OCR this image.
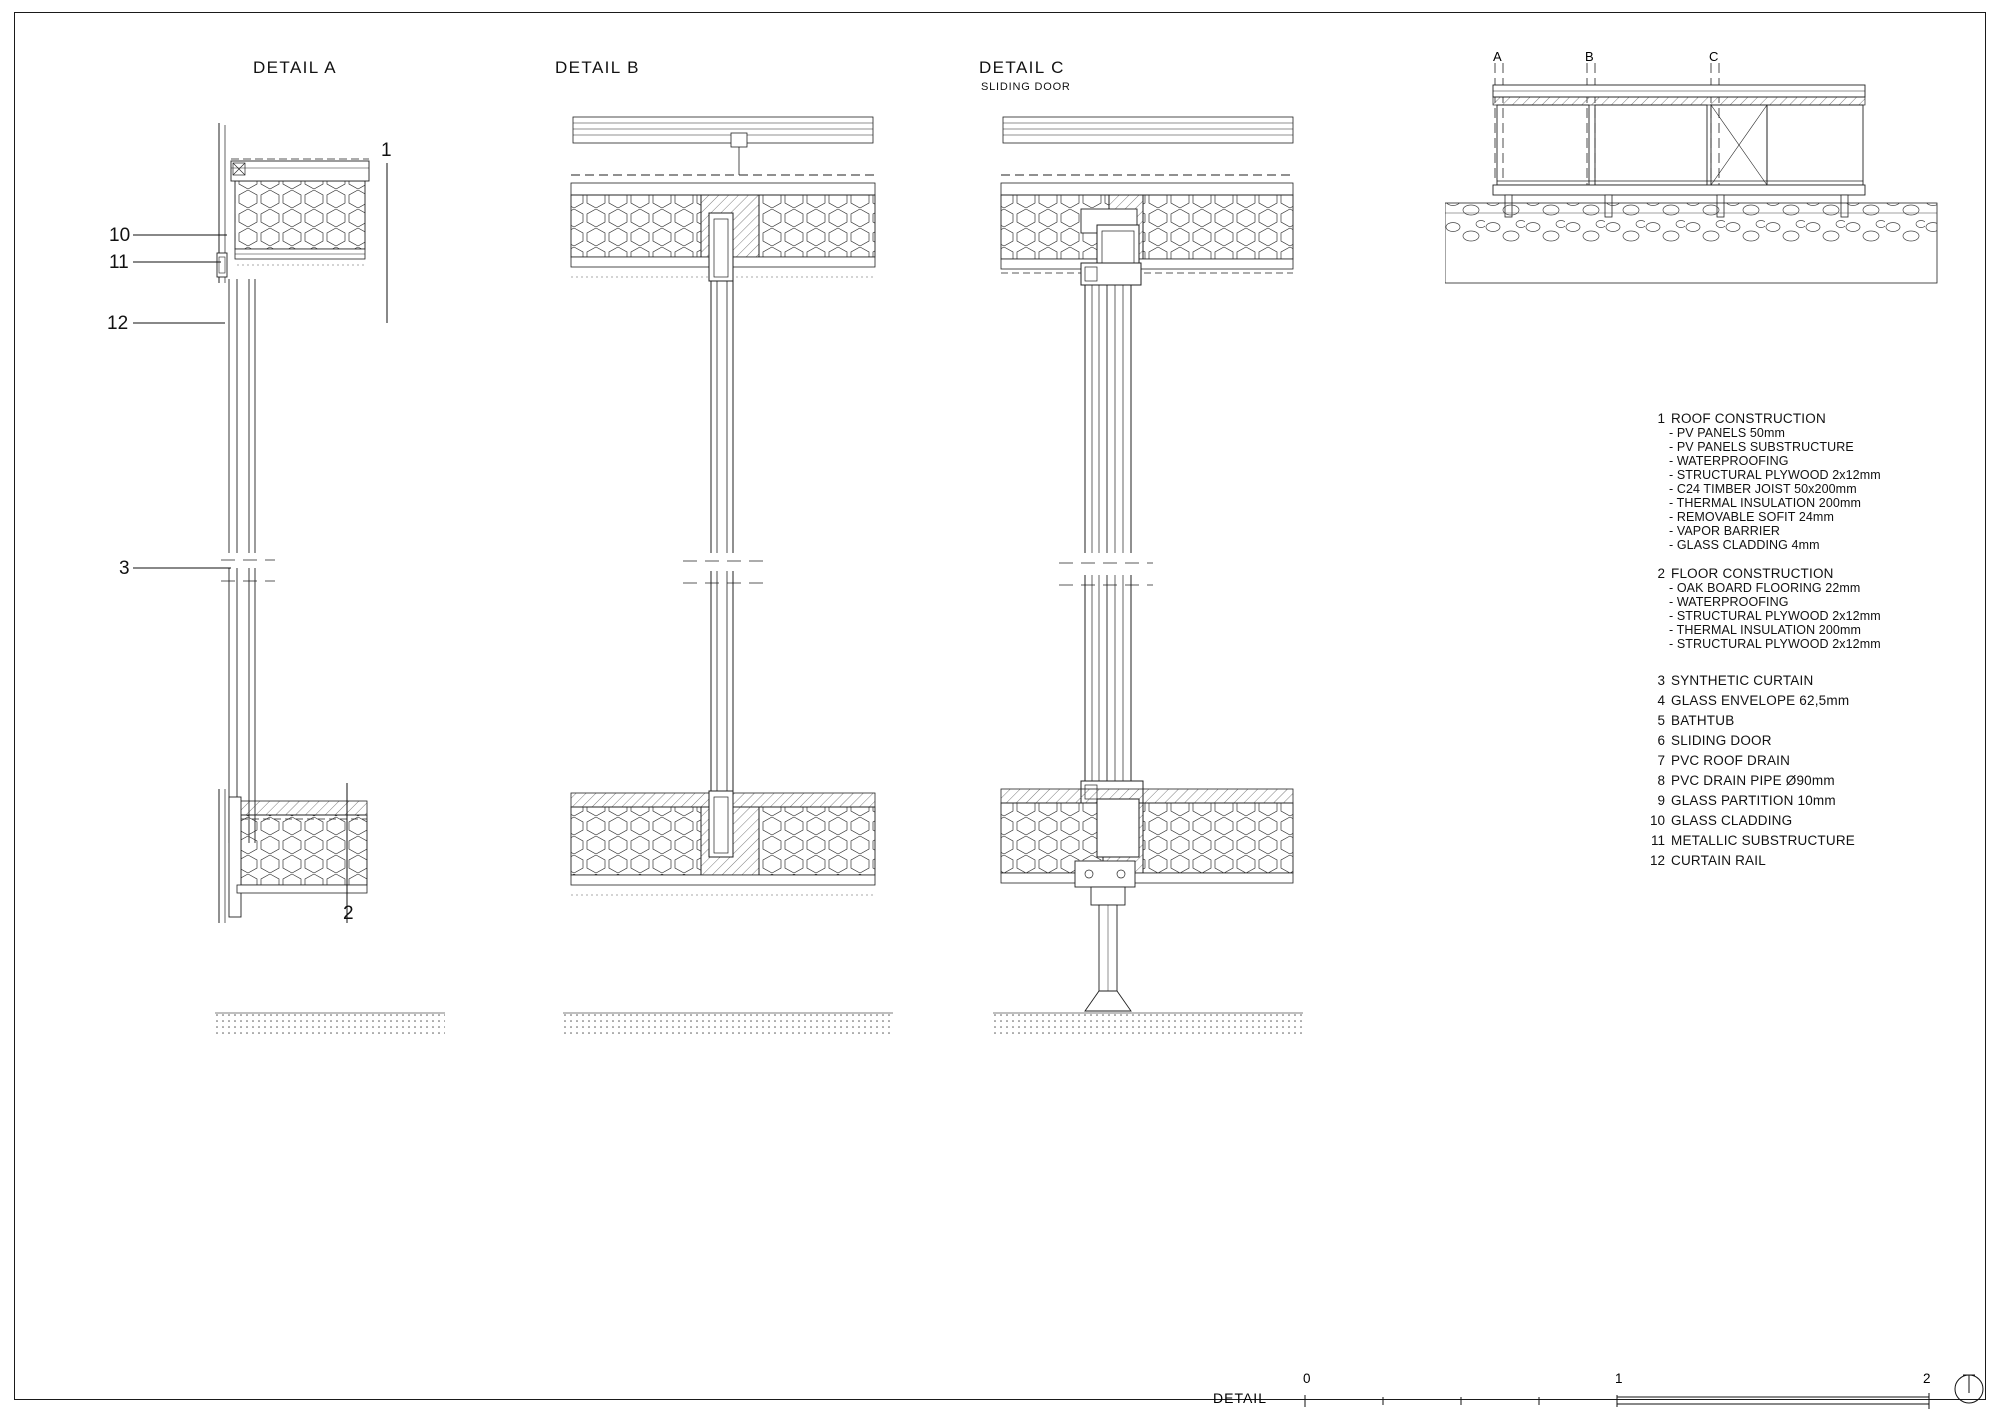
DETAIL A	DETAIL B	DETAIL C
SLIDING DOOR
10
11
12
3
1
2
A	B	C
1 ROOF CONSTRUCTION
- PV PANELS 50mm
- PV PANELS SUBSTRUCTURE
- WATERPROOFING
- STRUCTURAL PLYWOOD 2x12mm
- C24 TIMBER JOIST 50x200mm
- THERMAL INSULATION 200mm
- REMOVABLE SOFIT 24mm
- VAPOR BARRIER
- GLASS CLADDING 4mm
2 FLOOR CONSTRUCTION
- OAK BOARD FLOORING 22mm
- WATERPROOFING
- STRUCTURAL PLYWOOD 2x12mm
- THERMAL INSULATION 200mm
- STRUCTURAL PLYWOOD 2x12mm
3 SYNTHETIC CURTAIN
4 GLASS ENVELOPE 62,5mm
5 BATHTUB
6 SLIDING DOOR
7 PVC ROOF DRAIN
8 PVC DRAIN PIPE Ø90mm
9 GLASS PARTITION 10mm
10 GLASS CLADDING
11 METALLIC SUBSTRUCTURE
12 CURTAIN RAIL
DETAIL
0	1	2
